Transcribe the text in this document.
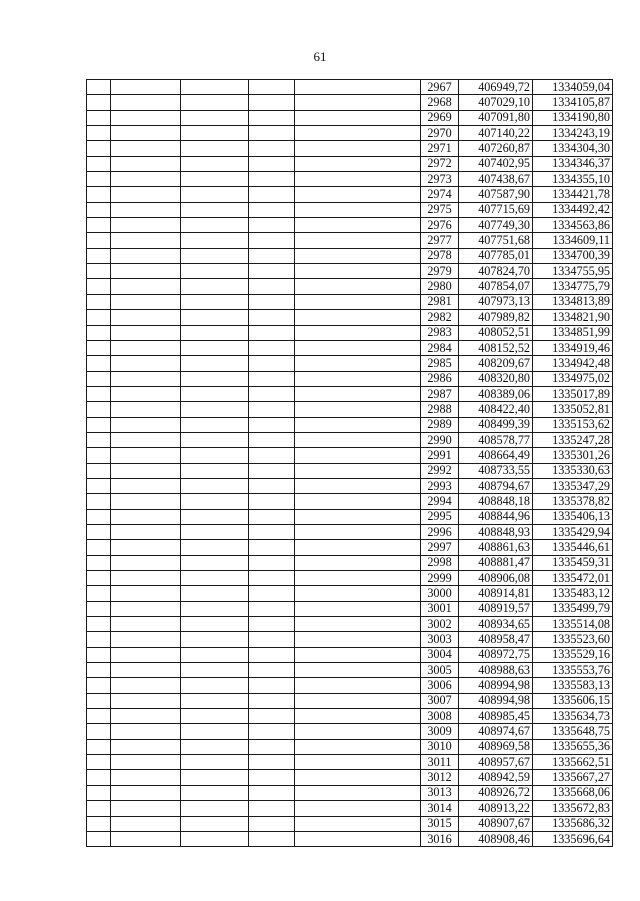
61
					2967	406949,72	1334059,04
					2968	407029,10	1334105,87
					2969	407091,80	1334190,80
					2970	407140,22	1334243,19
					2971	407260,87	1334304,30
					2972	407402,95	1334346,37
					2973	407438,67	1334355,10
					2974	407587,90	1334421,78
					2975	407715,69	1334492,42
					2976	407749,30	1334563,86
					2977	407751,68	1334609,11
					2978	407785,01	1334700,39
					2979	407824,70	1334755,95
					2980	407854,07	1334775,79
					2981	407973,13	1334813,89
					2982	407989,82	1334821,90
					2983	408052,51	1334851,99
					2984	408152,52	1334919,46
					2985	408209,67	1334942,48
					2986	408320,80	1334975,02
					2987	408389,06	1335017,89
					2988	408422,40	1335052,81
					2989	408499,39	1335153,62
					2990	408578,77	1335247,28
					2991	408664,49	1335301,26
					2992	408733,55	1335330,63
					2993	408794,67	1335347,29
					2994	408848,18	1335378,82
					2995	408844,96	1335406,13
					2996	408848,93	1335429,94
					2997	408861,63	1335446,61
					2998	408881,47	1335459,31
					2999	408906,08	1335472,01
					3000	408914,81	1335483,12
					3001	408919,57	1335499,79
					3002	408934,65	1335514,08
					3003	408958,47	1335523,60
					3004	408972,75	1335529,16
					3005	408988,63	1335553,76
					3006	408994,98	1335583,13
					3007	408994,98	1335606,15
					3008	408985,45	1335634,73
					3009	408974,67	1335648,75
					3010	408969,58	1335655,36
					3011	408957,67	1335662,51
					3012	408942,59	1335667,27
					3013	408926,72	1335668,06
					3014	408913,22	1335672,83
					3015	408907,67	1335686,32
					3016	408908,46	1335696,64
